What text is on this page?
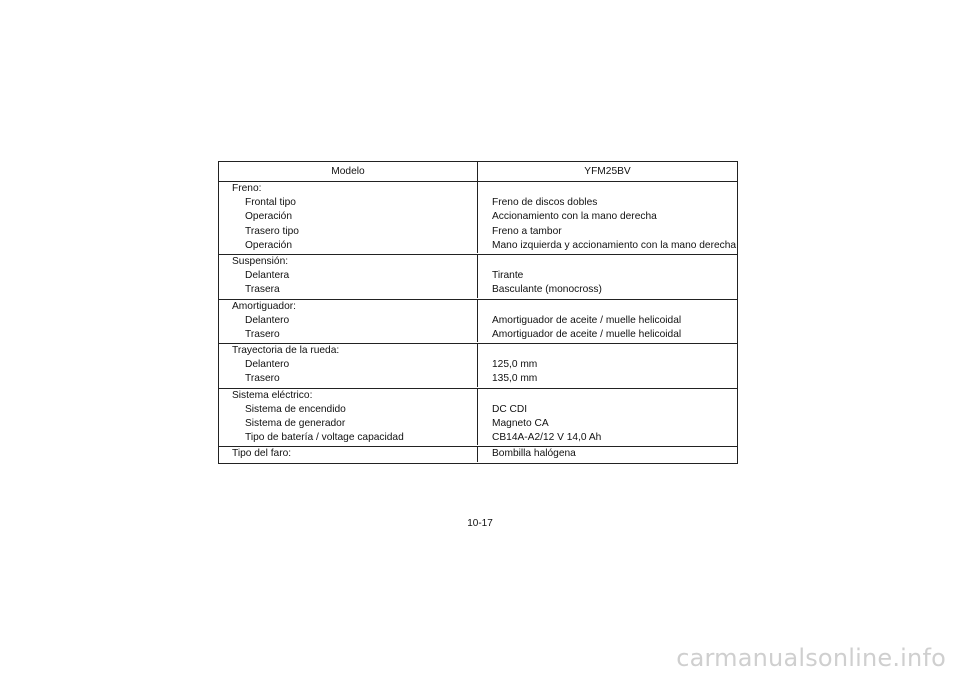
Modelo	YFM25BV
Freno:
Frontal tipo
Operación
Trasero tipo
Operación
Freno de discos dobles
Accionamiento con la mano derecha
Freno a tambor
Mano izquierda y accionamiento con la mano derecha
Suspensión:
Delantera
Trasera
Tirante
Basculante (monocross)
Amortiguador:
Delantero
Trasero
Amortiguador de aceite / muelle helicoidal
Amortiguador de aceite / muelle helicoidal
Trayectoria de la rueda:
Delantero
Trasero
125,0 mm
135,0 mm
Sistema eléctrico:
Sistema de encendido
Sistema de generador
Tipo de batería / voltage capacidad
DC CDI
Magneto CA
CB14A-A2/12 V 14,0 Ah
Tipo del faro:	Bombilla halógena
10-17
carmanualsonline.info
